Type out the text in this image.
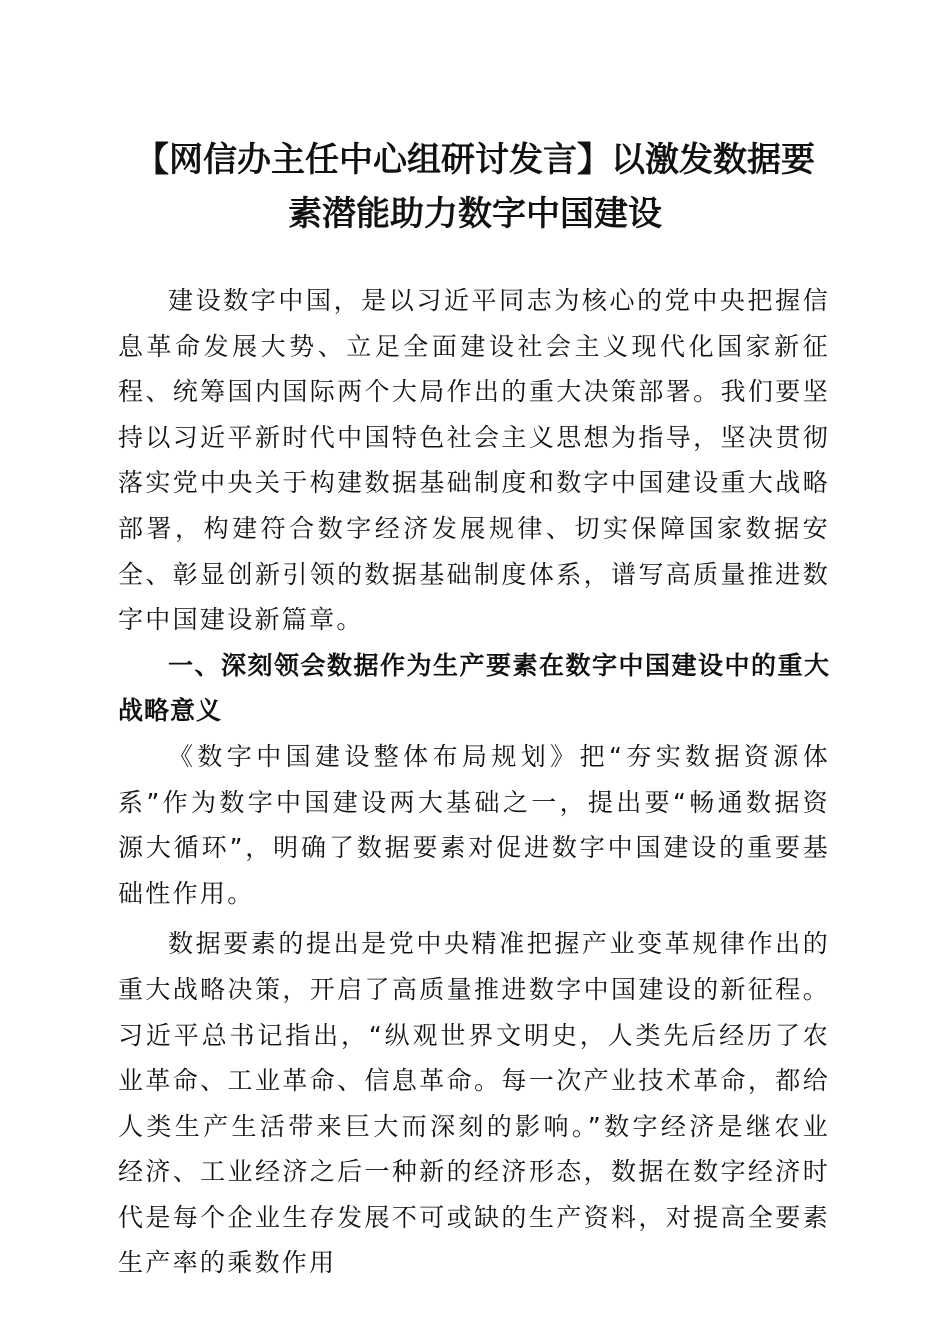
【网信办主任中心组研讨发言】以激发数据要
素潜能助力数字中国建设

建设数字中国，是以习近平同志为核心的党中央把握信息革命发展大势、立足全面建设社会主义现代化国家新征程、统筹国内国际两个大局作出的重大决策部署。我们要坚持以习近平新时代中国特色社会主义思想为指导，坚决贯彻落实党中央关于构建数据基础制度和数字中国建设重大战略部署，构建符合数字经济发展规律、切实保障国家数据安全、彰显创新引领的数据基础制度体系，谱写高质量推进数字中国建设新篇章。

一、深刻领会数据作为生产要素在数字中国建设中的重大战略意义

《数字中国建设整体布局规划》把“夯实数据资源体系”作为数字中国建设两大基础之一，提出要“畅通数据资源大循环”，明确了数据要素对促进数字中国建设的重要基础性作用。

数据要素的提出是党中央精准把握产业变革规律作出的重大战略决策，开启了高质量推进数字中国建设的新征程。习近平总书记指出，“纵观世界文明史，人类先后经历了农业革命、工业革命、信息革命。每一次产业技术革命，都给人类生产生活带来巨大而深刻的影响。”数字经济是继农业经济、工业经济之后一种新的经济形态，数据在数字经济时代是每个企业生存发展不可或缺的生产资料，对提高全要素生产率的乘数作用
